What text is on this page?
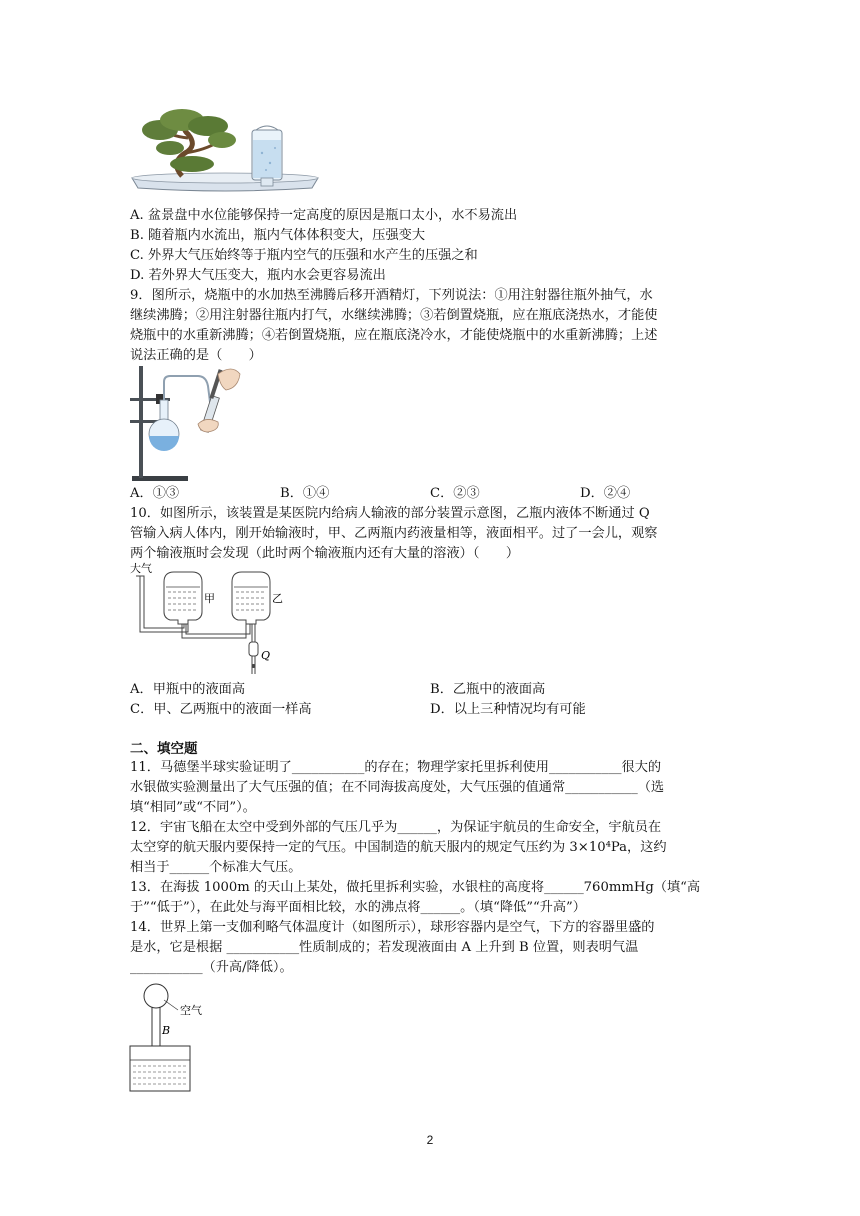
A. 盆景盘中水位能够保持一定高度的原因是瓶口太小，水不易流出
B. 随着瓶内水流出，瓶内气体体积变大，压强变大
C. 外界大气压始终等于瓶内空气的压强和水产生的压强之和
D. 若外界大气压变大，瓶内水会更容易流出
9．图所示，烧瓶中的水加热至沸腾后移开酒精灯，下列说法：①用注射器往瓶外抽气，水
继续沸腾；②用注射器往瓶内打气，水继续沸腾；③若倒置烧瓶，应在瓶底浇热水，才能使
烧瓶中的水重新沸腾；④若倒置烧瓶，应在瓶底浇冷水，才能使烧瓶中的水重新沸腾；上述
说法正确的是（　　）
A．①③	B．①④	C．②③	D．②④
10．如图所示，该装置是某医院内给病人输液的部分装置示意图，乙瓶内液体不断通过 Q
管输入病人体内，刚开始输液时，甲、乙两瓶内药液量相等，液面相平。过了一会儿，观察
两个输液瓶时会发现（此时两个输液瓶内还有大量的溶液）（　　）
大气
甲	乙
Q
A．甲瓶中的液面高	B．乙瓶中的液面高
C．甲、乙两瓶中的液面一样高	D．以上三种情况均有可能
二、填空题
11．马德堡半球实验证明了___________的存在；物理学家托里拆利使用___________很大的
水银做实验测量出了大气压强的值；在不同海拔高度处，大气压强的值通常___________（选
填“相同”或“不同”）。
12．宇宙飞船在太空中受到外部的气压几乎为______，为保证宇航员的生命安全，宇航员在
太空穿的航天服内要保持一定的气压。中国制造的航天服内的规定气压约为 3×10⁴Pa，这约
相当于______个标准大气压。
13．在海拔 1000m 的天山上某处，做托里拆利实验，水银柱的高度将______760mmHg（填“高
于”“低于”），在此处与海平面相比较，水的沸点将______。（填“降低”“升高”）
14．世界上第一支伽利略气体温度计（如图所示），球形容器内是空气，下方的容器里盛的
是水，它是根据 ___________性质制成的；若发现液面由 A 上升到 B 位置，则表明气温
___________（升高/降低）。
空气
B
2
